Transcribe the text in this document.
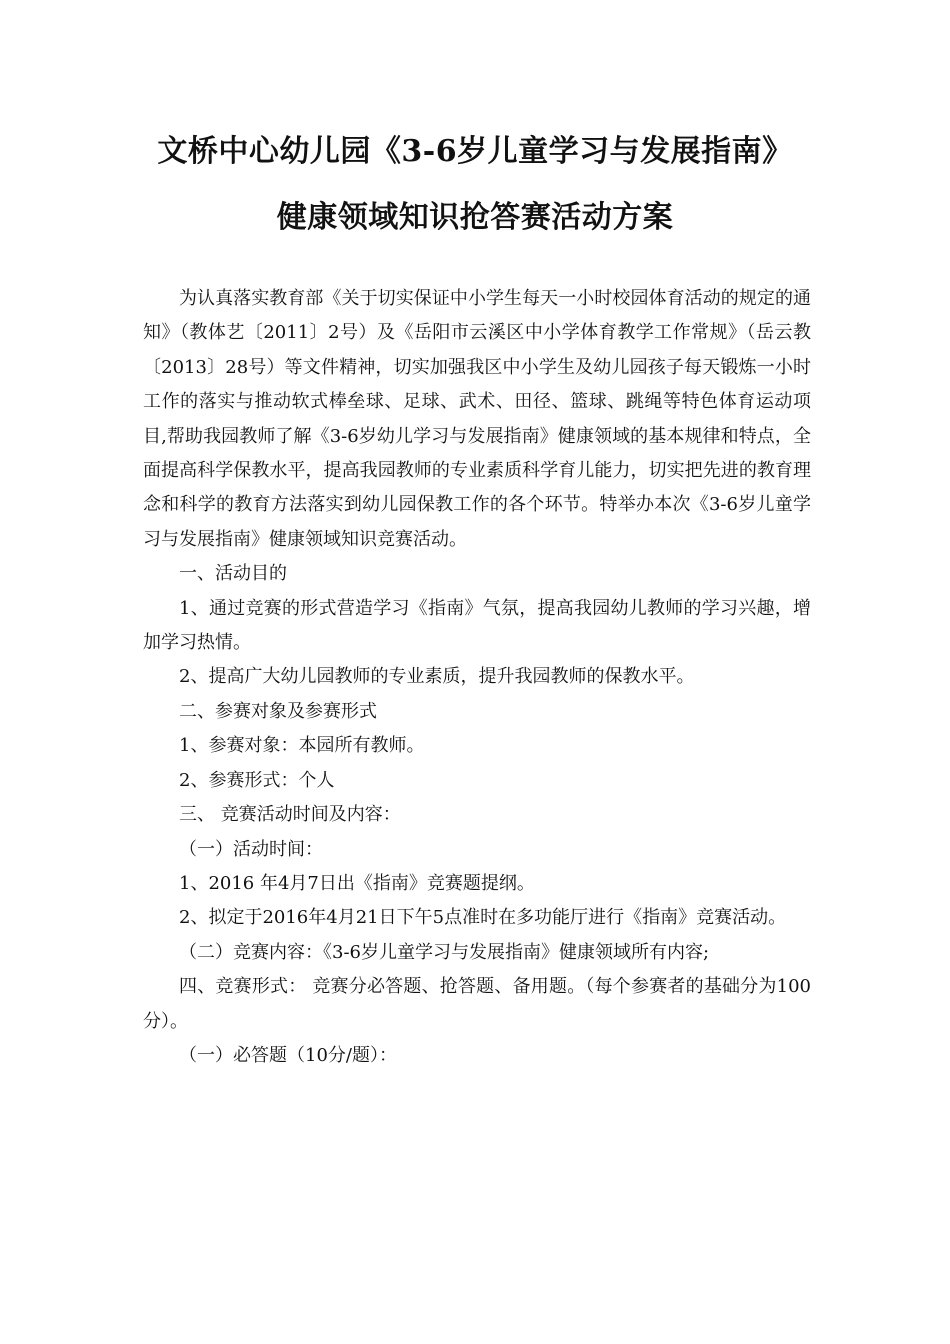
文桥中心幼儿园《3-6岁儿童学习与发展指南》
健康领域知识抢答赛活动方案

为认真落实教育部《关于切实保证中小学生每天一小时校园体育活动的规定的通知》（教体艺〔2011〕2号）及《岳阳市云溪区中小学体育教学工作常规》（岳云教〔2013〕28号）等文件精神，切实加强我区中小学生及幼儿园孩子每天锻炼一小时工作的落实与推动软式棒垒球、足球、武术、田径、篮球、跳绳等特色体育运动项目,帮助我园教师了解《3-6岁幼儿学习与发展指南》健康领域的基本规律和特点，全面提高科学保教水平，提高我园教师的专业素质科学育儿能力，切实把先进的教育理念和科学的教育方法落实到幼儿园保教工作的各个环节。特举办本次《3-6岁儿童学习与发展指南》健康领域知识竞赛活动。

一、活动目的

1、通过竞赛的形式营造学习《指南》气氛，提高我园幼儿教师的学习兴趣，增加学习热情。

2、提高广大幼儿园教师的专业素质，提升我园教师的保教水平。

二、参赛对象及参赛形式

1、参赛对象：本园所有教师。

2、参赛形式：个人

三、 竞赛活动时间及内容：

（一）活动时间：

1、2016 年4月7日出《指南》竞赛题提纲。

2、拟定于2016年4月21日下午5点准时在多功能厅进行《指南》竞赛活动。

（二）竞赛内容：《3-6岁儿童学习与发展指南》健康领域所有内容;

四、竞赛形式： 竞赛分必答题、抢答题、备用题。（每个参赛者的基础分为100分）。

（一）必答题（10分/题）：
